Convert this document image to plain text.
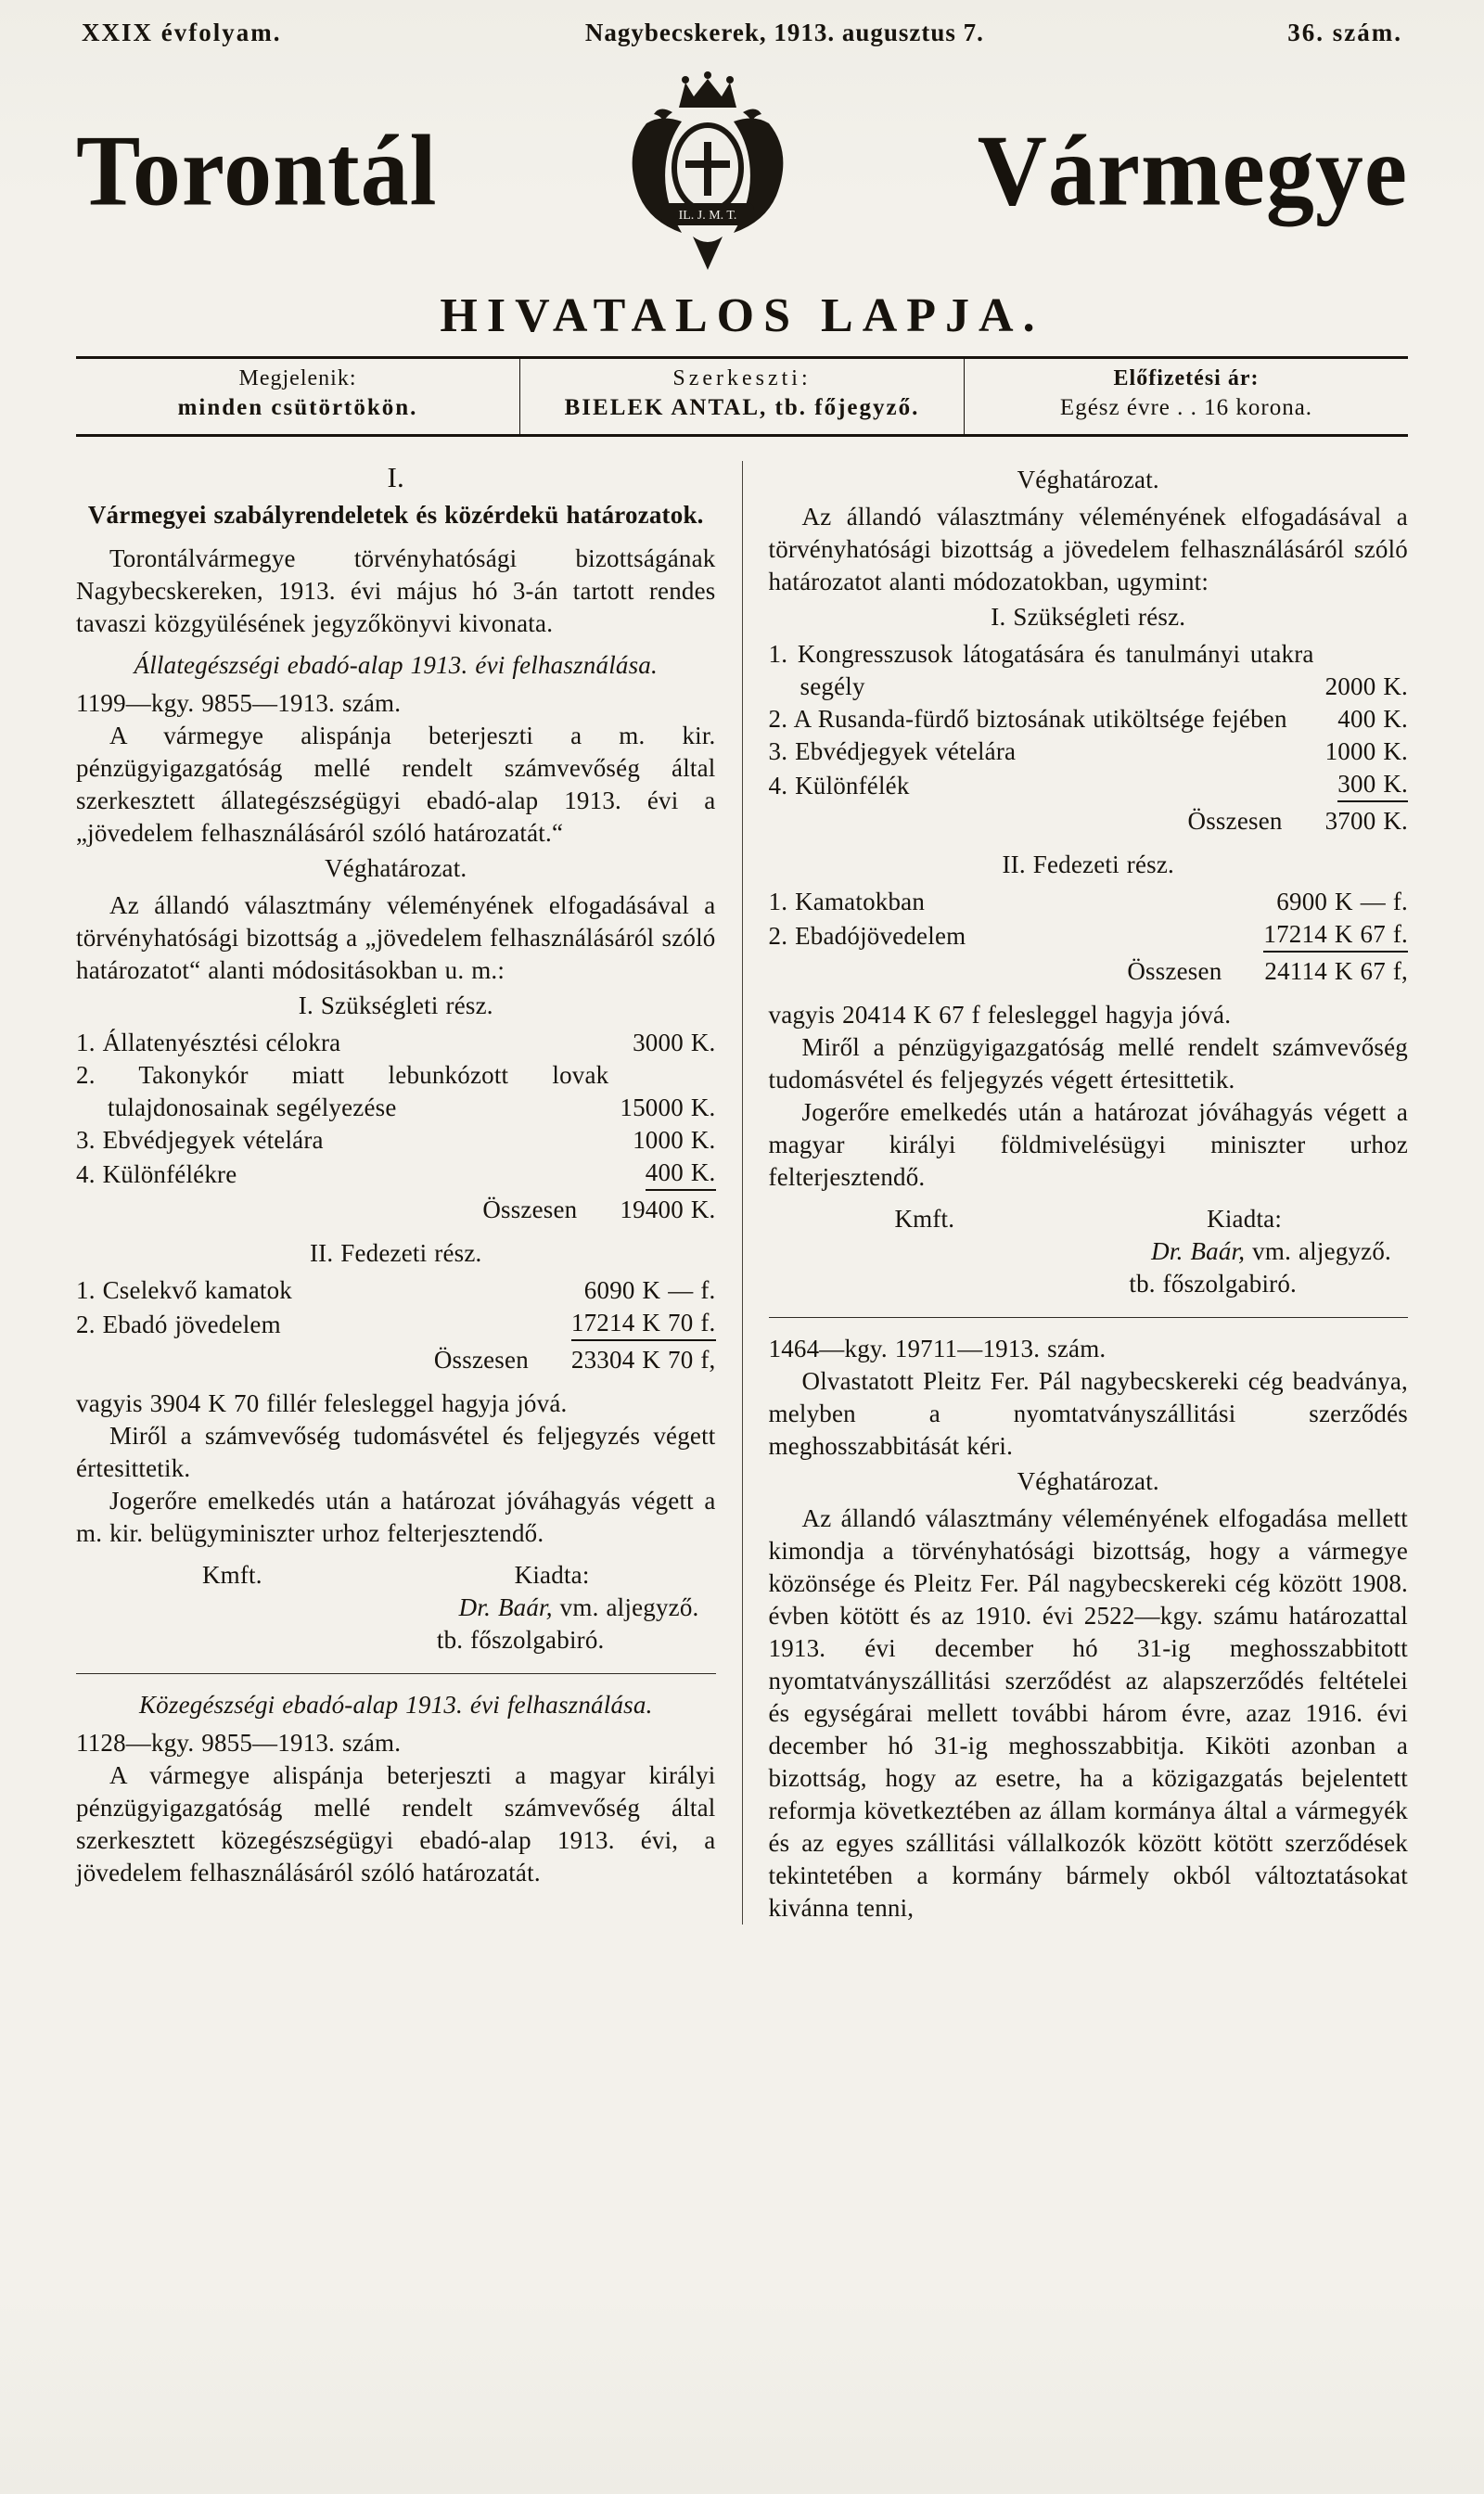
XXIX évfolyam.	Nagybecskerek, 1913. augusztus 7.	36. szám.
Torontál	IL. J. M. T. Vármegye
HIVATALOS LAPJA.
Megjelenik:
minden csütörtökön.
Szerkeszti:
BIELEK ANTAL, tb. főjegyző.
Előfizetési ár:
Egész évre . . 16 korona.

I.

Vármegyei szabályrendeletek és közérdekü határozatok.

Torontálvármegye törvényhatósági bizottságának Nagybecskereken, 1913. évi május hó 3-án tartott rendes tavaszi közgyülésének jegyzőkönyvi kivonata.

Állategészségi ebadó-alap 1913. évi felhasználása.

1199—kgy. 9855—1913. szám.

A vármegye alispánja beterjeszti a m. kir. pénzügyigazgatóság mellé rendelt számvevőség által szerkesztett állategészségügyi ebadó-alap 1913. évi a „jövedelem felhasználásáról szóló határozatát.“

Véghatározat.

Az állandó választmány véleményének elfogadásával a törvényhatósági bizottság a „jövedelem felhasználásáról szóló határozatot“ alanti módositásokban u. m.:

I. Szükségleti rész.

1. Állatenyésztési célokra	3000 K.
2. Takonykór miatt lebunkózott lovak tulajdonosainak segélyezése	15000 K.
3. Ebvédjegyek vételára	1000 K.
4. Különfélékre	400 K.
Összesen 19400 K.

II. Fedezeti rész.

1. Cselekvő kamatok	6090 K — f.
2. Ebadó jövedelem	17214 K 70 f.
Összesen 23304 K 70 f,

vagyis 3904 K 70 fillér felesleggel hagyja jóvá.

Miről a számvevőség tudomásvétel és feljegyzés végett értesittetik.

Jogerőre emelkedés után a határozat jóváhagyás végett a m. kir. belügyminiszter urhoz felterjesztendő.

Kmft.	Kiadta:
Dr. Baár, vm. aljegyző.
tb. főszolgabiró.

Közegészségi ebadó-alap 1913. évi felhasználása.

1128—kgy. 9855—1913. szám.

A vármegye alispánja beterjeszti a magyar királyi pénzügyigazgatóság mellé rendelt számvevőség által szerkesztett közegészségügyi ebadó-alap 1913. évi, a jövedelem felhasználásáról szóló határozatát.

Véghatározat.

Az állandó választmány véleményének elfogadásával a törvényhatósági bizottság a jövedelem felhasználásáról szóló határozatot alanti módozatokban, ugymint:

I. Szükségleti rész.

1. Kongresszusok látogatására és tanulmányi utakra segély	2000 K.
2. A Rusanda-fürdő biztosának utiköltsége fejében	400 K.
3. Ebvédjegyek vételára	1000 K.
4. Különfélék	300 K.
Összesen 3700 K.

II. Fedezeti rész.

1. Kamatokban	6900 K — f.
2. Ebadójövedelem	17214 K 67 f.
Összesen 24114 K 67 f,

vagyis 20414 K 67 f felesleggel hagyja jóvá.

Miről a pénzügyigazgatóság mellé rendelt számvevőség tudomásvétel és feljegyzés végett értesittetik.

Jogerőre emelkedés után a határozat jóváhagyás végett a magyar királyi földmivelésügyi miniszter urhoz felterjesztendő.

Kmft.	Kiadta:
Dr. Baár, vm. aljegyző.
tb. főszolgabiró.

1464—kgy. 19711—1913. szám.

Olvastatott Pleitz Fer. Pál nagybecskereki cég beadványa, melyben a nyomtatványszállitási szerződés meghosszabbitását kéri.

Véghatározat.

Az állandó választmány véleményének elfogadása mellett kimondja a törvényhatósági bizottság, hogy a vármegye közönsége és Pleitz Fer. Pál nagybecskereki cég között 1908. évben kötött és az 1910. évi 2522—kgy. számu határozattal 1913. évi december hó 31-ig meghosszabbitott nyomtatványszállitási szerződést az alapszerződés feltételei és egységárai mellett további három évre, azaz 1916. évi december hó 31-ig meghosszabbitja. Kiköti azonban a bizottság, hogy az esetre, ha a közigazgatás bejelentett reformja következtében az állam kormánya által a vármegyék és az egyes szállitási vállalkozók között kötött szerződések tekintetében a kormány bármely okból változtatásokat kivánna tenni,
